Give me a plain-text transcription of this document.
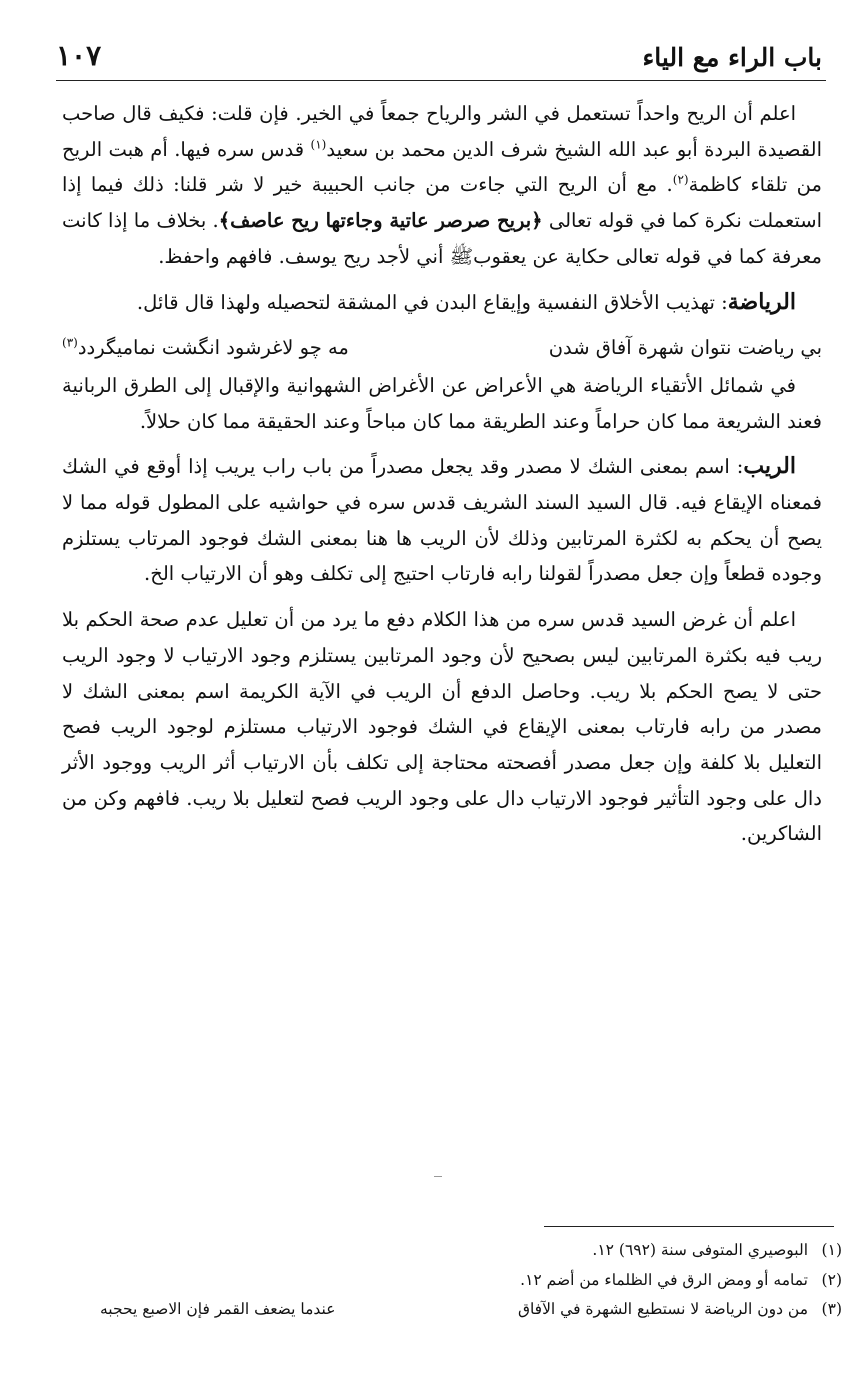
١٠٧	باب الراء مع الياء

اعلم أن الريح واحداً تستعمل في الشر والرياح جمعاً في الخير. فإن قلت: فكيف قال صاحب القصيدة البردة أبو عبد الله الشيخ شرف الدين محمد بن سعيد$^{(١)}$ قدس سره فيها. أم هبت الريح من تلقاء كاظمة$^{(٢)}$. مع أن الريح التي جاءت من جانب الحبيبة خير لا شر قلنا: ذلك فيما إذا استعملت نكرة كما في قوله تعالى ﴿بريح صرصر عاتية وجاءتها ريح عاصف﴾. بخلاف ما إذا كانت معرفة كما في قوله تعالى حكاية عن يعقوبﷺ أني لأجد ريح يوسف. فافهم واحفظ.

الرياضة: تهذيب الأخلاق النفسية وإيقاع البدن في المشقة لتحصيله ولهذا قال قائل.

بي رياضت نتوان شهرة آفاق شدن
مه چو لاغرشود انگشت نماميگردد$^{(٣)}$

في شمائل الأتقياء الرياضة هي الأعراض عن الأغراض الشهوانية والإقبال إلى الطرق الربانية فعند الشريعة مما كان حراماً وعند الطريقة مما كان مباحاً وعند الحقيقة مما كان حلالاً.

الريب: اسم بمعنى الشك لا مصدر وقد يجعل مصدراً من باب راب يريب إذا أوقع في الشك فمعناه الإيقاع فيه. قال السيد السند الشريف قدس سره في حواشيه على المطول قوله مما لا يصح أن يحكم به لكثرة المرتابين وذلك لأن الريب ها هنا بمعنى الشك فوجود المرتاب يستلزم وجوده قطعاً وإن جعل مصدراً لقولنا رابه فارتاب احتيج إلى تكلف وهو أن الارتياب الخ.

اعلم أن غرض السيد قدس سره من هذا الكلام دفع ما يرد من أن تعليل عدم صحة الحكم بلا ريب فيه بكثرة المرتابين ليس بصحيح لأن وجود المرتابين يستلزم وجود الارتياب لا وجود الريب حتى لا يصح الحكم بلا ريب. وحاصل الدفع أن الريب في الآية الكريمة اسم بمعنى الشك لا مصدر من رابه فارتاب بمعنى الإيقاع في الشك فوجود الارتياب مستلزم لوجود الريب فصح التعليل بلا كلفة وإن جعل مصدر أفصحته محتاجة إلى تكلف بأن الارتياب أثر الريب ووجود الأثر دال على وجود التأثير فوجود الارتياب دال على وجود الريب فصح لتعليل بلا ريب. فافهم وكن من الشاكرين.

(١)
البوصيري المتوفى سنة (٦٩٢) ١٢.
(٢)
تمامه أو ومض الرق في الظلماء من أضم ١٢.
(٣)
من دون الرياضة لا نستطيع الشهرة في الآفاق
عندما يضعف القمر فإن الاصبع يحجبه
